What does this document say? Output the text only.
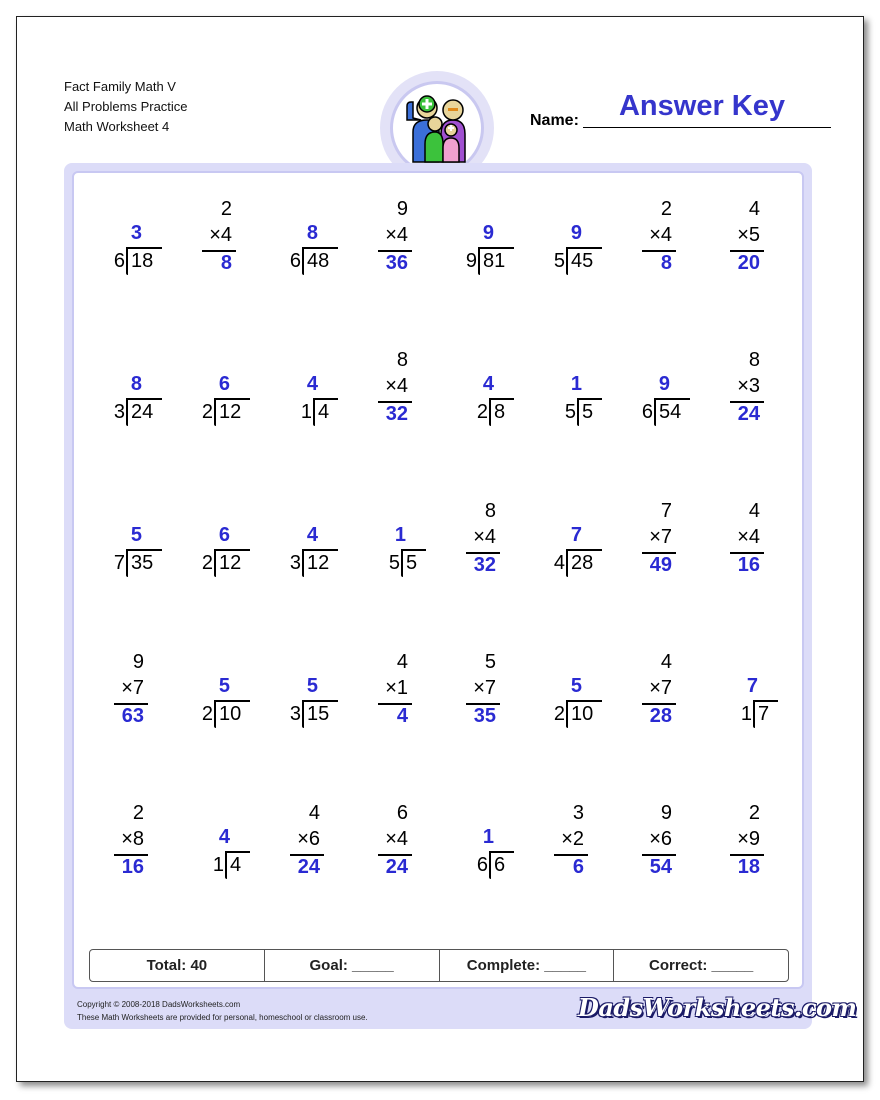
Fact Family Math V
All Problems Practice
Math Worksheet 4	Name:	Answer Key
3
6 18
2
×4
8
8
6 48
9
×4
36
9
9 81
9
5 45
2
×4
8
4
×5
20
8
3 24
6
2 12
4
1 4
8
×4
32
4
2 8
1
5 5
9
6 54
8
×3
24
5
7 35
6
2 12
4
3 12
1
5 5
8
×4
32
7
4 28
7
×7
49
4
×4
16
9
×7
63
5
2 10
5
3 15
4
×1
4
5
×7
35
5
2 10
4
×7
28
7
1 7
2
×8
16
4
1 4
4
×6
24
6
×4
24
1
6 6
3
×2
6
9
×6
54
2
×9
18
Total: 40	Goal: _____	Complete: _____	Correct: _____
Copyright © 2008-2018 DadsWorksheets.com
These Math Worksheets are provided for personal, homeschool or classroom use.	DadsWorksheets.com
